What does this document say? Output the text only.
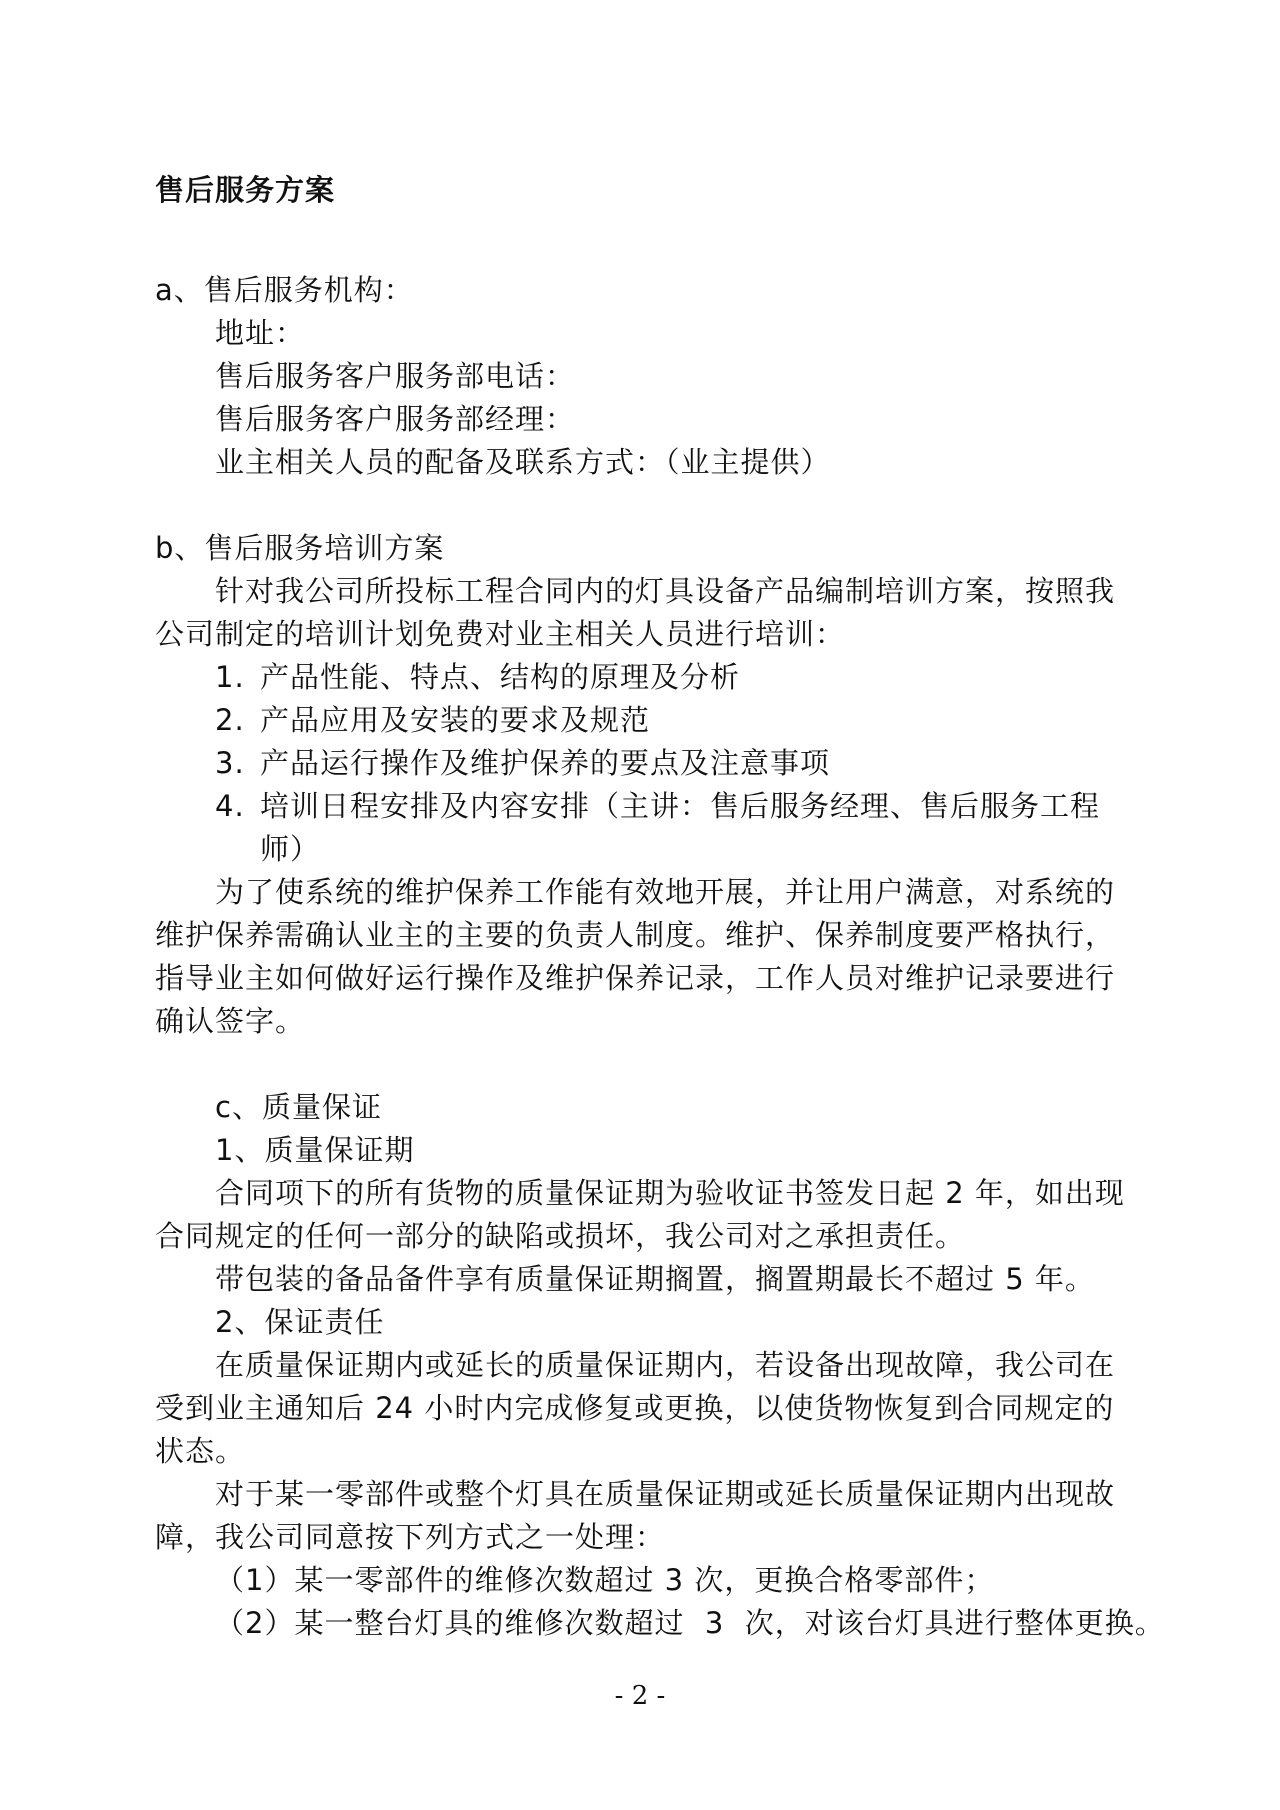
售后服务方案
a、售后服务机构：
地址：
售后服务客户服务部电话：
售后服务客户服务部经理：
业主相关人员的配备及联系方式：（业主提供）
b、售后服务培训方案
针对我公司所投标工程合同内的灯具设备产品编制培训方案，按照我
公司制定的培训计划免费对业主相关人员进行培训：
1. 产品性能、特点、结构的原理及分析
2. 产品应用及安装的要求及规范
3. 产品运行操作及维护保养的要点及注意事项
4. 培训日程安排及内容安排（主讲：售后服务经理、售后服务工程
师）
为了使系统的维护保养工作能有效地开展，并让用户满意，对系统的
维护保养需确认业主的主要的负责人制度。维护、保养制度要严格执行，
指导业主如何做好运行操作及维护保养记录，工作人员对维护记录要进行
确认签字。
c、质量保证
1、质量保证期
合同项下的所有货物的质量保证期为验收证书签发日起 2 年，如出现
合同规定的任何一部分的缺陷或损坏，我公司对之承担责任。
带包装的备品备件享有质量保证期搁置，搁置期最长不超过 5 年。
2、保证责任
在质量保证期内或延长的质量保证期内，若设备出现故障，我公司在
受到业主通知后 24 小时内完成修复或更换，以使货物恢复到合同规定的
状态。
对于某一零部件或整个灯具在质量保证期或延长质量保证期内出现故
障，我公司同意按下列方式之一处理：
（1）某一零部件的维修次数超过 3 次，更换合格零部件；
（2）某一整台灯具的维修次数超过  3  次，对该台灯具进行整体更换。
- 2 -
